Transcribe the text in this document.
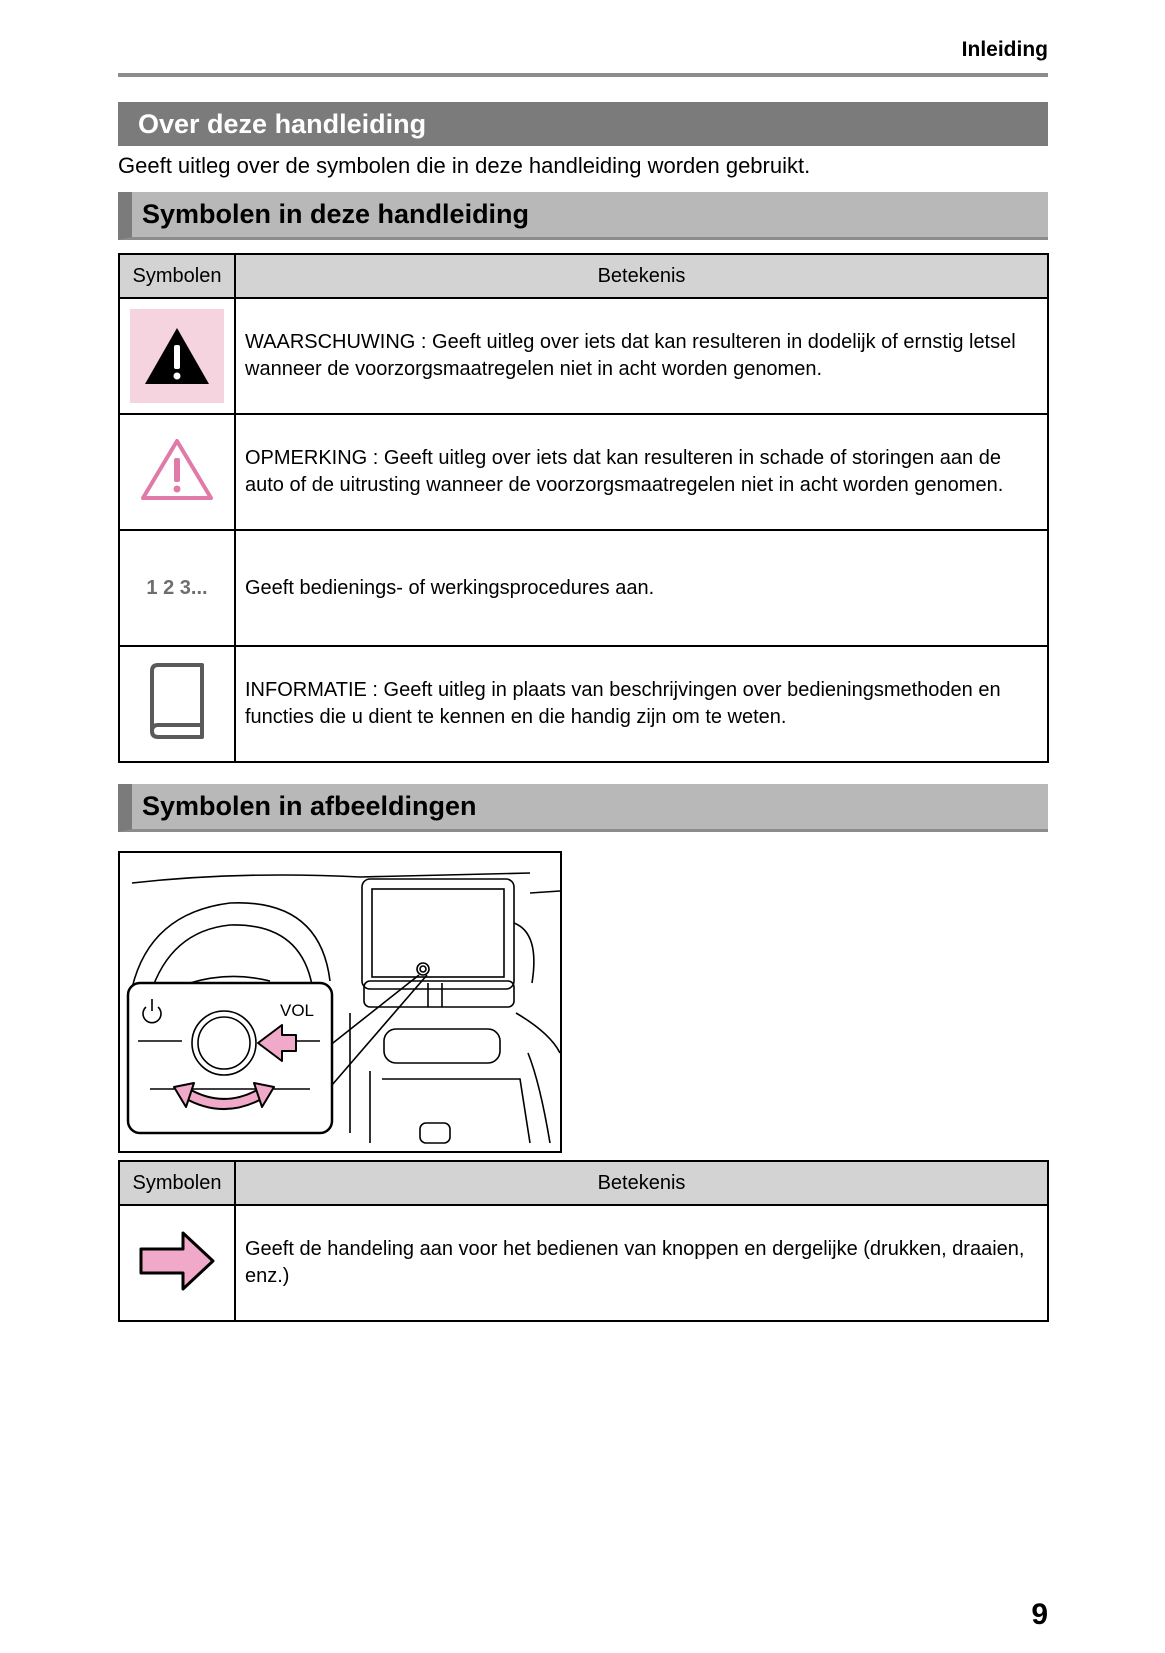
Inleiding
Over deze handleiding
Geeft uitleg over de symbolen die in deze handleiding worden gebruikt.
Symbolen in deze handleiding
Symbolen	Betekenis

	WAARSCHUWING : Geeft uitleg over iets dat kan resulteren in dodelijk of ernstig letsel wanneer de voorzorgsmaatregelen niet in acht worden genomen.
	OPMERKING : Geeft uitleg over iets dat kan resulteren in schade of storingen aan de auto of de uitrusting wanneer de voorzorgsmaatregelen niet in acht worden genomen.

1 2 3...	Geeft bedienings- of werkingsprocedures aan.
	INFORMATIE : Geeft uitleg in plaats van beschrijvingen over bedieningsmethoden en functies die u dient te kennen en die handig zijn om te weten.
Symbolen in afbeeldingen
VOL
Symbolen	Betekenis
	Geeft de handeling aan voor het bedienen van knoppen en dergelijke (drukken, draaien, enz.)
9
